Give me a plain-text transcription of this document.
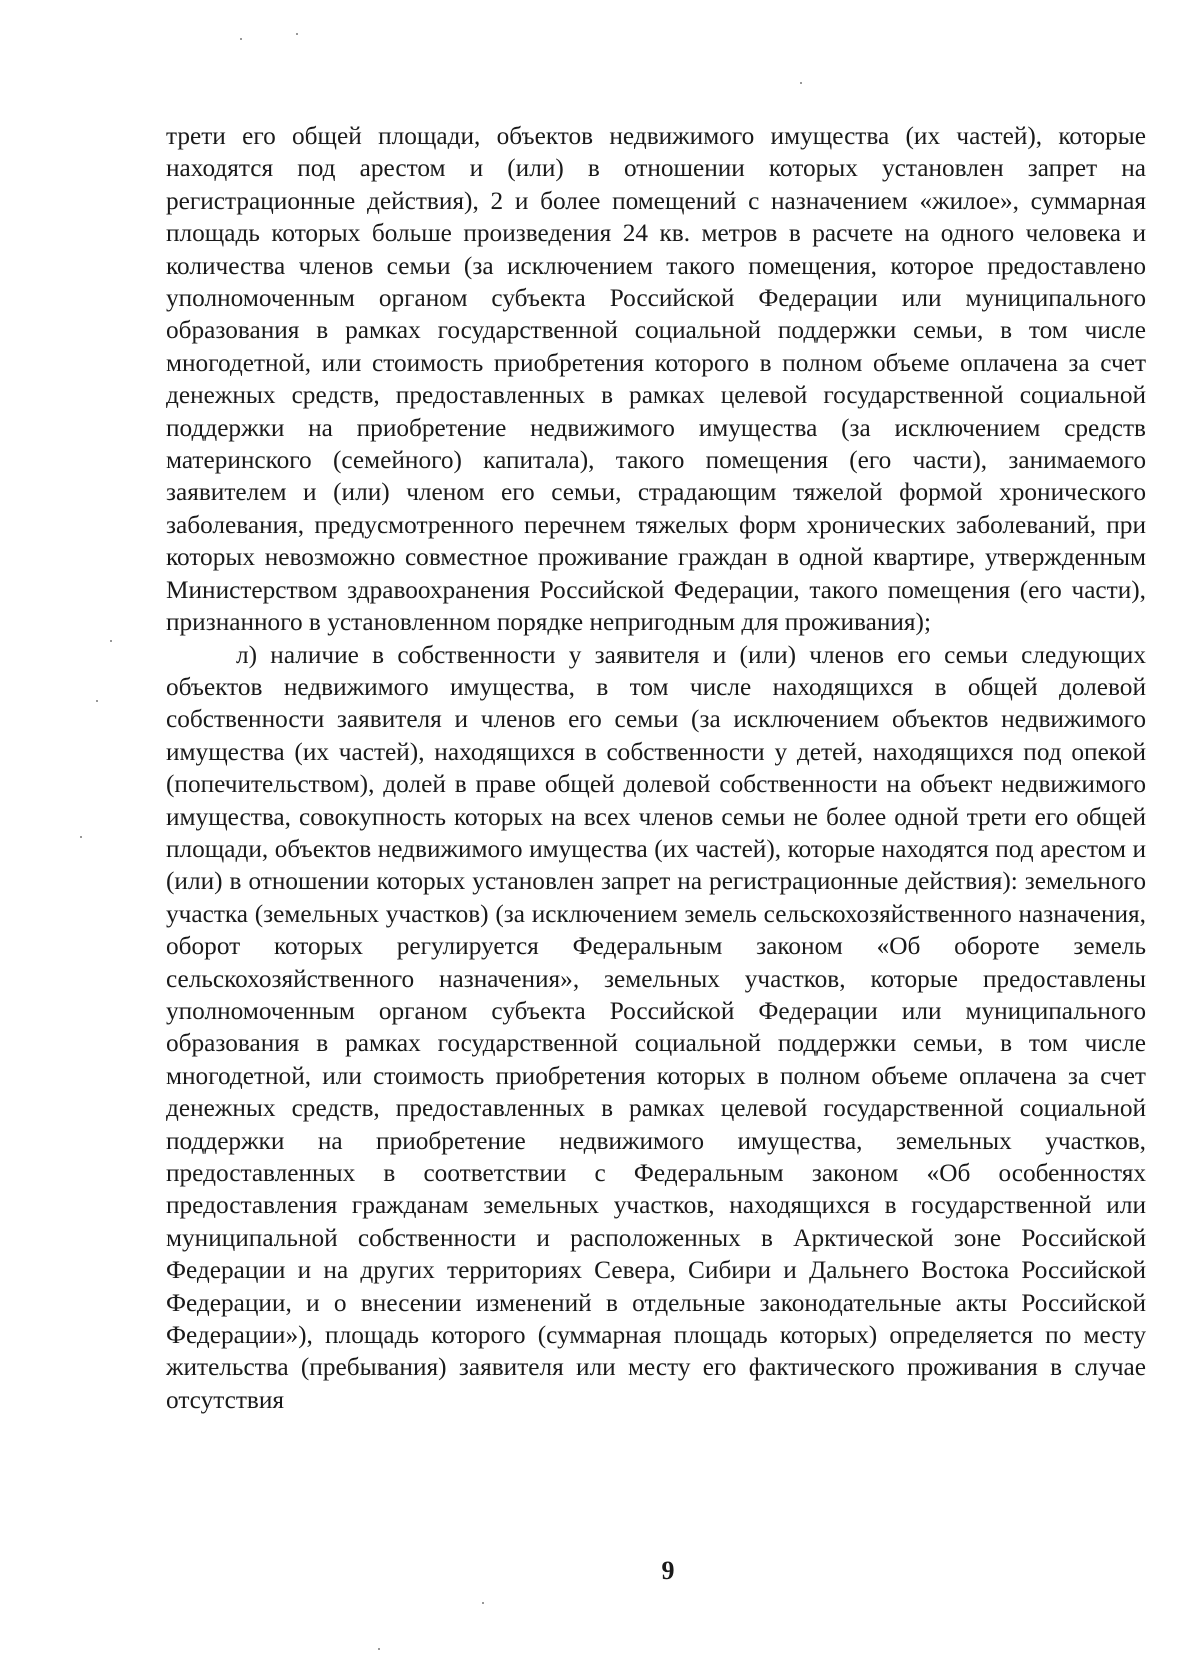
трети его общей площади, объектов недвижимого имущества (их частей), которые находятся под арестом и (или) в отношении которых установлен запрет на регистрационные действия), 2 и более помещений с назначением «жилое», суммарная площадь которых больше произведения 24 кв. метров в расчете на одного человека и количества членов семьи (за исключением такого помещения, которое предоставлено уполномоченным органом субъекта Российской Федерации или муниципального образования в рамках государственной социальной поддержки семьи, в том числе многодетной, или стоимость приобретения которого в полном объеме оплачена за счет денежных средств, предоставленных в рамках целевой государственной социальной поддержки на приобретение недвижимого имущества (за исключением средств материнского (семейного) капитала), такого помещения (его части), занимаемого заявителем и (или) членом его семьи, страдающим тяжелой формой хронического заболевания, предусмотренного перечнем тяжелых форм хронических заболеваний, при которых невозможно совместное проживание граждан в одной квартире, утвержденным Министерством здравоохранения Российской Федерации, такого помещения (его части), признанного в установленном порядке непригодным для проживания);

л) наличие в собственности у заявителя и (или) членов его семьи следующих объектов недвижимого имущества, в том числе находящихся в общей долевой собственности заявителя и членов его семьи (за исключением объектов недвижимого имущества (их частей), находящихся в собственности у детей, находящихся под опекой (попечительством), долей в праве общей долевой собственности на объект недвижимого имущества, совокупность которых на всех членов семьи не более одной трети его общей площади, объектов недвижимого имущества (их частей), которые находятся под арестом и (или) в отношении которых установлен запрет на регистрационные действия): земельного участка (земельных участков) (за исключением земель сельскохозяйственного назначения, оборот которых регулируется Федеральным законом «Об обороте земель сельскохозяйственного назначения», земельных участков, которые предоставлены уполномоченным органом субъекта Российской Федерации или муниципального образования в рамках государственной социальной поддержки семьи, в том числе многодетной, или стоимость приобретения которых в полном объеме оплачена за счет денежных средств, предоставленных в рамках целевой государственной социальной поддержки на приобретение недвижимого имущества, земельных участков, предоставленных в соответствии с Федеральным законом «Об особенностях предоставления гражданам земельных участков, находящихся в государственной или муниципальной собственности и расположенных в Арктической зоне Российской Федерации и на других территориях Севера, Сибири и Дальнего Востока Российской Федерации, и о внесении изменений в отдельные законодательные акты Российской Федерации»), площадь которого (суммарная площадь которых) определяется по месту жительства (пребывания) заявителя или месту его фактического проживания в случае отсутствия

9
